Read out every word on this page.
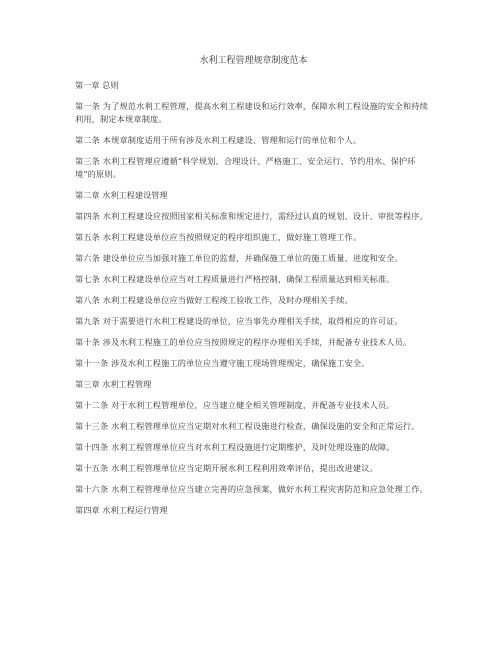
水利工程管理规章制度范本
第一章 总则
第一条 为了规范水利工程管理，提高水利工程建设和运行效率，保障水利工程设施的安全和持续利用，制定本规章制度。
第二条 本规章制度适用于所有涉及水利工程建设、管理和运行的单位和个人。
第三条 水利工程管理应遵循“科学规划、合理设计、严格施工、安全运行、节约用水、保护环境”的原则。
第二章 水利工程建设管理
第四条 水利工程建设应按照国家相关标准和规定进行，需经过认真的规划、设计、审批等程序。
第五条 水利工程建设单位应当按照规定的程序组织施工，做好施工管理工作。
第六条 建设单位应当加强对施工单位的监督，并确保施工单位的施工质量、进度和安全。
第七条 水利工程建设单位应当对工程质量进行严格控制，确保工程质量达到相关标准。
第八条 水利工程建设单位应当做好工程竣工验收工作，及时办理相关手续。
第九条 对于需要进行水利工程建设的单位，应当事先办理相关手续，取得相应的许可证。
第十条 涉及水利工程施工的单位应当按照规定的程序办理相关手续，并配备专业技术人员。
第十一条 涉及水利工程施工的单位应当遵守施工现场管理规定，确保施工安全。
第三章 水利工程管理
第十二条 对于水利工程管理单位，应当建立健全相关管理制度，并配备专业技术人员。
第十三条 水利工程管理单位应当定期对水利工程设施进行检查，确保设施的安全和正常运行。
第十四条 水利工程管理单位应当对水利工程设施进行定期维护，及时处理设施的故障。
第十五条 水利工程管理单位应当定期开展水利工程利用效率评估，提出改进建议。
第十六条 水利工程管理单位应当建立完善的应急预案，做好水利工程灾害防范和应急处理工作。
第四章 水利工程运行管理
